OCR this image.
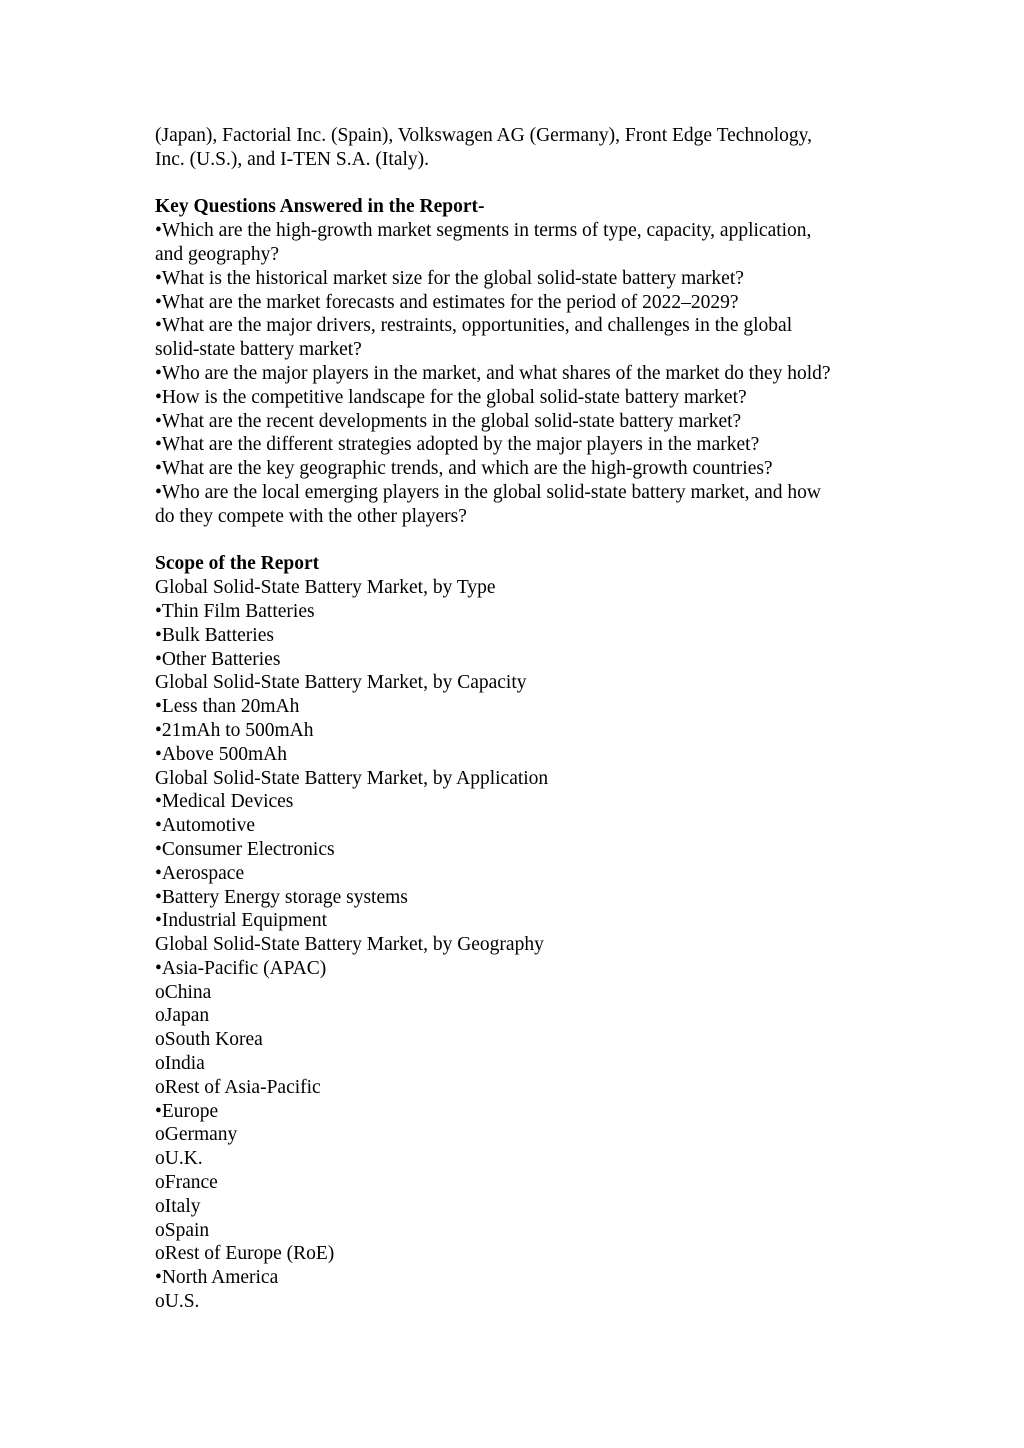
(Japan), Factorial Inc. (Spain), Volkswagen AG (Germany), Front Edge Technology,
Inc. (U.S.), and I-TEN S.A. (Italy).
Key Questions Answered in the Report-
•Which are the high-growth market segments in terms of type, capacity, application,
and geography?
•What is the historical market size for the global solid-state battery market?
•What are the market forecasts and estimates for the period of 2022–2029?
•What are the major drivers, restraints, opportunities, and challenges in the global
solid-state battery market?
•Who are the major players in the market, and what shares of the market do they hold?
•How is the competitive landscape for the global solid-state battery market?
•What are the recent developments in the global solid-state battery market?
•What are the different strategies adopted by the major players in the market?
•What are the key geographic trends, and which are the high-growth countries?
•Who are the local emerging players in the global solid-state battery market, and how
do they compete with the other players?
Scope of the Report
Global Solid-State Battery Market, by Type
•Thin Film Batteries
•Bulk Batteries
•Other Batteries
Global Solid-State Battery Market, by Capacity
•Less than 20mAh
•21mAh to 500mAh
•Above 500mAh
Global Solid-State Battery Market, by Application
•Medical Devices
•Automotive
•Consumer Electronics
•Aerospace
•Battery Energy storage systems
•Industrial Equipment
Global Solid-State Battery Market, by Geography
•Asia-Pacific (APAC)
oChina
oJapan
oSouth Korea
oIndia
oRest of Asia-Pacific
•Europe
oGermany
oU.K.
oFrance
oItaly
oSpain
oRest of Europe (RoE)
•North America
oU.S.
